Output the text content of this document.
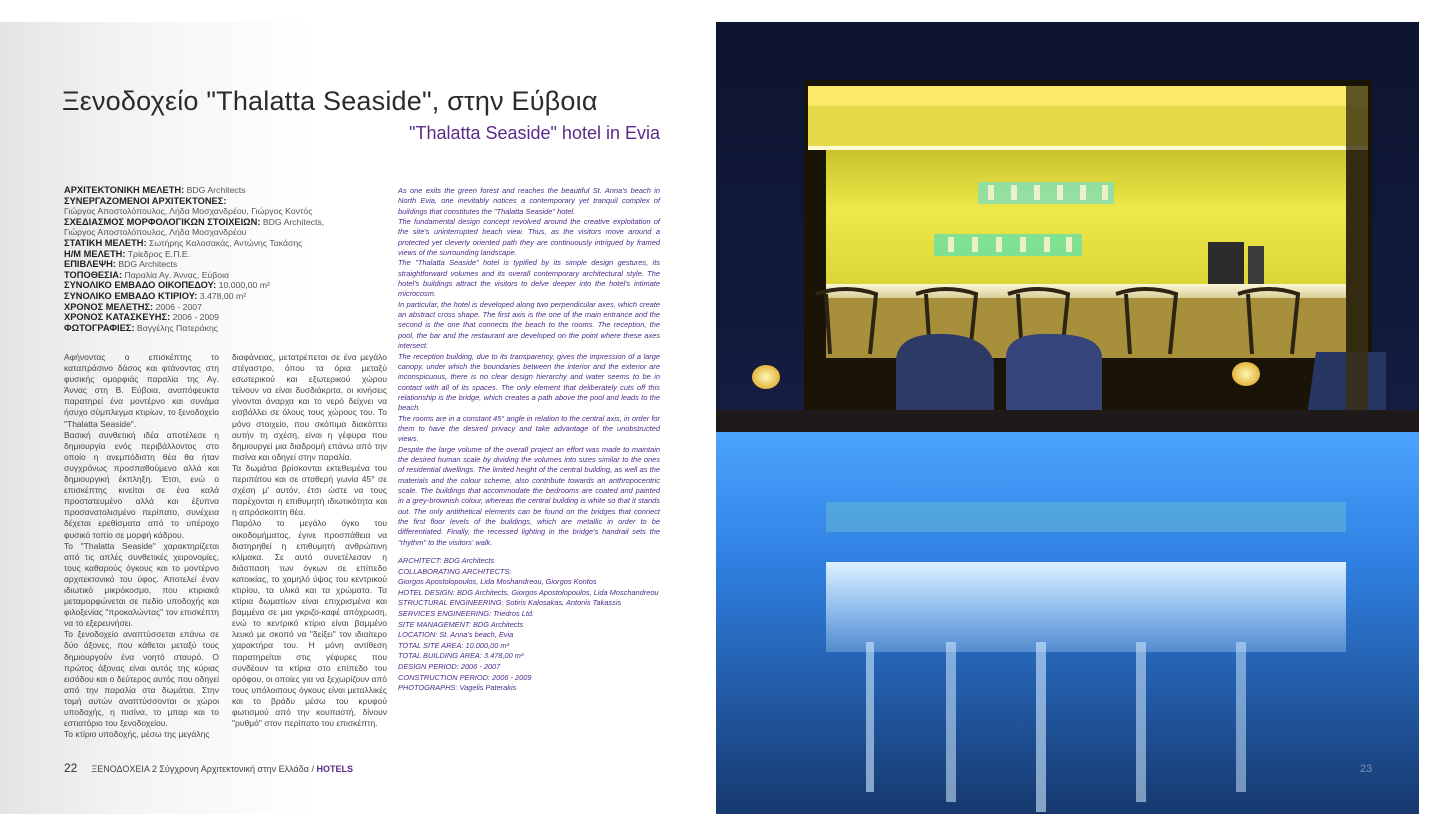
Ξενοδοχείο "Thalatta Seaside", στην Εύβοια
"Thalatta Seaside" hotel in Evia
ΑΡΧΙΤΕΚΤΟΝΙΚΗ ΜΕΛΕΤΗ: BDG Architects
ΣΥΝΕΡΓΑΖΟΜΕΝΟΙ ΑΡΧΙΤΕΚΤΟΝΕΣ:
Γιώργος Αποστολόπουλος, Λήδα Μοσχανδρέου, Γιώργος Κοντός
ΣΧΕΔΙΑΣΜΟΣ ΜΟΡΦΟΛΟΓΙΚΩΝ ΣΤΟΙΧΕΙΩΝ: BDG Architects,
Γιώργος Αποστολόπουλος, Λήδα Μοσχανδρέου
ΣΤΑΤΙΚΗ ΜΕΛΕΤΗ: Σωτήρης Καλοσακάς, Αντώνης Τακάσης
Η/Μ ΜΕΛΕΤΗ: Τρίεδρος Ε.Π.Ε.
ΕΠΙΒΛΕΨΗ: BDG Architects
ΤΟΠΟΘΕΣΙΑ: Παραλία Αγ. Άννας, Εύβοια
ΣΥΝΟΛΙΚΟ ΕΜΒΑΔΟ ΟΙΚΟΠΕΔΟΥ: 10.000,00 m²
ΣΥΝΟΛΙΚΟ ΕΜΒΑΔΟ ΚΤΙΡΙΟΥ: 3.478,00 m²
ΧΡΟΝΟΣ ΜΕΛΕΤΗΣ: 2006 - 2007
ΧΡΟΝΟΣ ΚΑΤΑΣΚΕΥΗΣ: 2006 - 2009
ΦΩΤΟΓΡΑΦΙΕΣ: Βαγγέλης Πατεράκης

Αφήνοντας ο επισκέπτης το καταπράσινο δάσος και φτάνοντας στη φυσικής ομορφιάς παραλία της Αγ. Άννας στη Β. Εύβοια, αναπόφευκτα παρατηρεί ένα μοντέρνο και συνάμα ήσυχο σύμπλεγμα κτιρίων, το ξενοδοχείο "Thalatta Seaside".

Βασική συνθετική ιδέα αποτέλεσε η δημιουργία ενός περιβάλλοντος στο οποίο η ανεμπόδιστη θέα θα ήταν συγχρόνως προσπαθούμενο αλλά και δημιουργική έκπληξη. Έτσι, ενώ ο επισκέπτης κινείται σε ένα καλά προστατευμένο αλλά και έξυπνα προσανατολισμένο περίπατο, συνέχεια δέχεται ερεθίσματα από το υπέροχο φυσικό τοπίο σε μορφή κάδρου.

Το "Thalatta Seaside" χαρακτηρίζεται από τις απλές συνθετικές χειρονομίες, τους καθαρούς όγκους και το μοντέρνο αρχιτεκτονικό του ύφος. Αποτελεί έναν ιδιωτικό μικρόκοσμο, που κτιριακά μεταμορφώνεται σε πεδίο υποδοχής και φιλοξενίας "προκαλώντας" τον επισκέπτη να το εξερευνήσει.

Το ξενοδοχείο αναπτύσσεται επάνω σε δύο άξονες, που κάθετοι μεταξύ τους δημιουργούν ένα νοητό σταυρό. Ο πρώτος άξονας είναι αυτός της κύριας εισόδου και ο δεύτερος αυτός που οδηγεί από την παραλία στα δωμάτια. Στην τομή αυτών αναπτύσσονται οι χώροι υποδοχής, η πισίνα, το μπαρ και το εστιατόριο του ξενοδοχείου.

Το κτίριο υποδοχής, μέσω της μεγάλης

διαφάνειας, μετατρέπεται σε ένα μεγάλο στέγαστρο, όπου τα όρια μεταξύ εσωτερικού και εξωτερικού χώρου τείνουν να είναι δυσδιάκριτα, οι κινήσεις γίνονται άναρχα και το νερό δείχνει να εισβάλλει σε όλους τους χώρους του. Το μόνο στοιχείο, που σκόπιμα διακόπτει αυτήν τη σχέση, είναι η γέφυρα που δημιουργεί μια διαδρομή επάνω από την πισίνα και οδηγεί στην παραλία.

Τα δωμάτια βρίσκονται εκτεθειμένα του περιπάτου και σε σταθερή γωνία 45° σε σχέση μ' αυτόν, έτσι ώστε να τους παρέχονται η επιθυμητή ιδιωτικότητα και η απρόσκοπτη θέα.

Παρόλο το μεγάλο όγκο του οικοδομήματος, έγινε προσπάθεια να διατηρηθεί η επιθυμητή ανθρώπινη κλίμακα. Σε αυτό συνετέλεσαν η διάσπαση των όγκων σε επίπεδο κατοικίας, το χαμηλό ύψος του κεντρικού κτιρίου, τα υλικά και τα χρώματα. Τα κτίρια δωματίων είναι επιχρισμένα και βαμμένα σε μια γκριζο-καφέ απόχρωση, ενώ το κεντρικό κτίριο είναι βαμμένο λευκό με σκοπό να "δείξει" τον ιδιαίτερο χαρακτήρα του. Η μόνη αντίθεση παρατηρείται στις γέφυρες που συνδέουν τα κτίρια στο επίπεδο του ορόφου, οι οποίες για να ξεχωρίζουν από τους υπόλοιπους όγκους είναι μεταλλικές και το βράδυ μέσω του κρυφού φωτισμού από την κουπαστή, δίνουν "ρυθμό" στον περίπατο του επισκέπτη.

As one exits the green forest and reaches the beautiful St. Anna's beach in North Evia, one inevitably notices a contemporary yet tranquil complex of buildings that constitutes the "Thalatta Seaside" hotel.

The fundamental design concept revolved around the creative exploitation of the site's uninterrupted beach view. Thus, as the visitors move around a protected yet cleverly oriented path they are continuously intrigued by framed views of the surrounding landscape.

The "Thalatta Seaside" hotel is typified by its simple design gestures, its straightforward volumes and its overall contemporary architectural style. The hotel's buildings attract the visitors to delve deeper into the hotel's intimate microcosm.

In particular, the hotel is developed along two perpendicular axes, which create an abstract cross shape. The first axis is the one of the main entrance and the second is the one that connects the beach to the rooms. The reception, the pool, the bar and the restaurant are developed on the point where these axes intersect.

The reception building, due to its transparency, gives the impression of a large canopy, under which the boundaries between the interior and the exterior are inconspicuous, there is no clear design hierarchy and water seems to be in contact with all of its spaces. The only element that deliberately cuts off this relationship is the bridge, which creates a path above the pool and leads to the beach.

The rooms are in a constant 45° angle in relation to the central axis, in order for them to have the desired privacy and take advantage of the unobstructed views.

Despite the large volume of the overall project an effort was made to maintain the desired human scale by dividing the volumes into sizes similar to the ones of residential dwellings. The limited height of the central building, as well as the materials and the colour scheme, also contribute towards an anthropocentric scale. The buildings that accommodate the bedrooms are coated and painted in a grey-brownish colour, whereas the central building is white so that it stands out. The only antithetical elements can be found on the bridges that connect the first floor levels of the buildings, which are metallic in order to be differentiated. Finally, the recessed lighting in the bridge's handrail sets the "rhythm" to the visitors' walk.

ARCHITECT: BDG Architects
COLLABORATING ARCHITECTS:
Giorgos Apostolopoulos, Lida Moshandreou, Giorgos Kontos
HOTEL DESIGN: BDG Architects, Giorgos Apostolopoulos, Lida Moschandreou
STRUCTURAL ENGINEERING: Sotiris Kalosakas, Antonis Takassis
SERVICES ENGINEERING: Triedros Ltd.
SITE MANAGEMENT: BDG Architects
LOCATION: St. Anna's beach, Evia
TOTAL SITE AREA: 10.000,00 m²
TOTAL BUILDING AREA: 3.478,00 m²
DESIGN PERIOD: 2006 - 2007
CONSTRUCTION PERIOD: 2006 - 2009
PHOTOGRAPHS: Vagelis Paterakis
22 ΞΕΝΟΔΟΧΕΙΑ 2 Σύγχρονη Αρχιτεκτονική στην Ελλάδα / HOTELS	23
